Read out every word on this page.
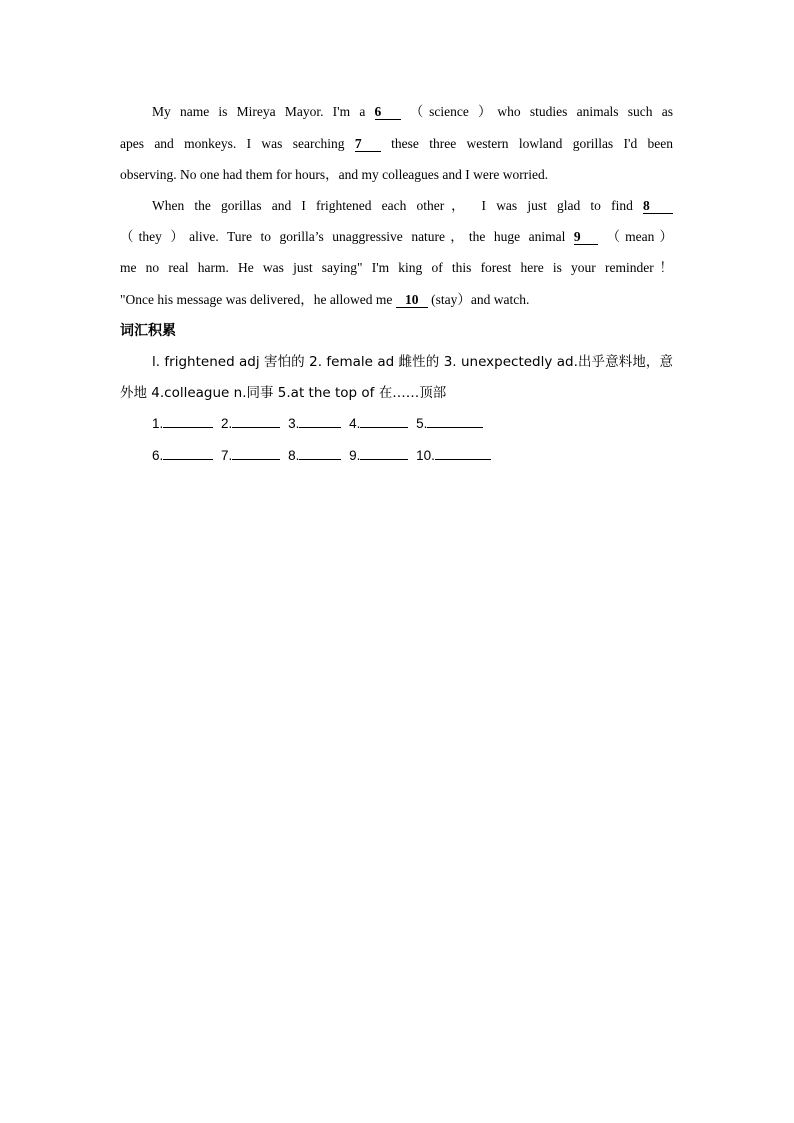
My name is Mireya Mayor. I'm a 6 （science ）who studies animals such as
apes and monkeys. I was searching 7 these three western lowland gorillas I'd been
observing. No one had them for hours，and my colleagues and I were worried.
When the gorillas and I frightened each other， I was just glad to find 8
（they ）alive. Ture to gorilla’s unaggressive nature，the huge animal 9 （mean）
me no real harm. He was just saying" I'm king of this forest here is your reminder！
"Once his message was delivered，he allowed me 10 (stay）and watch.
词汇积累
l. frightened adj 害怕的 2. female ad 雌性的 3. unexpectedly ad.出乎意料地，意
外地 4.colleague n.同事 5.at the top of 在……顶部
1.	2.	3.	4.	5.
6.	7.	8.	9.	10.
